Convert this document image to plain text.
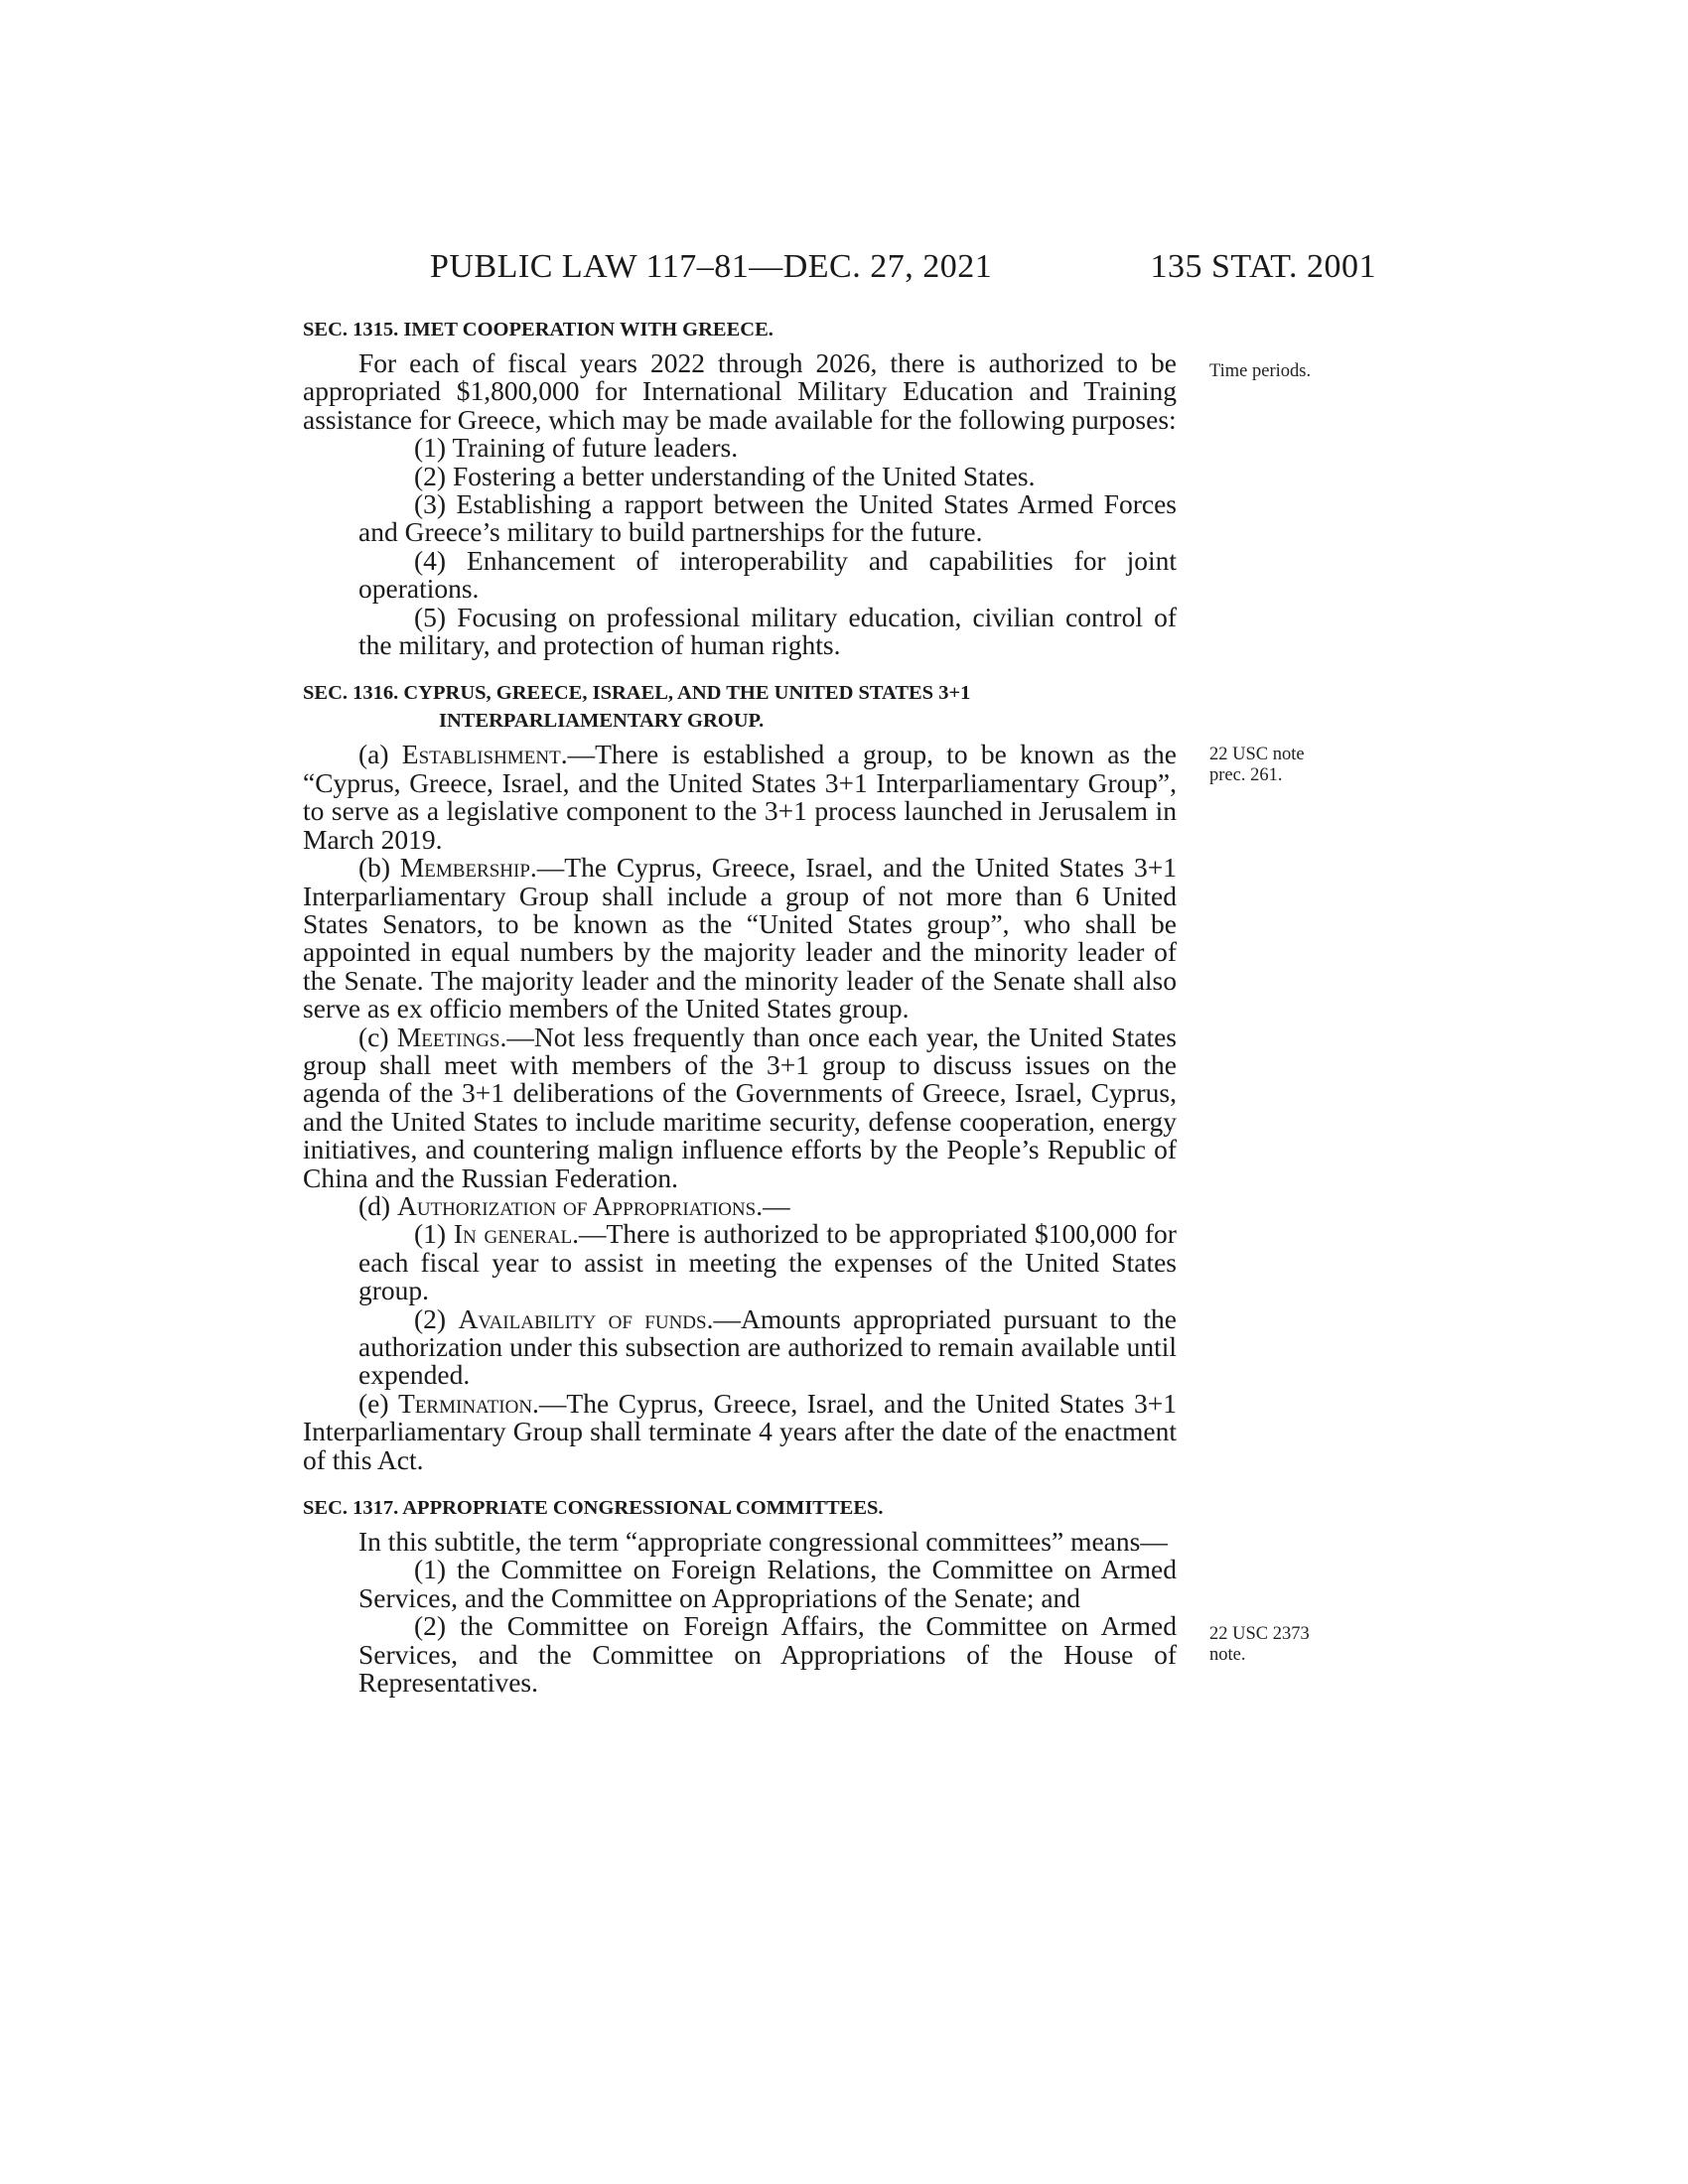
PUBLIC LAW 117–81—DEC. 27, 2021	135 STAT. 2001
SEC. 1315. IMET COOPERATION WITH GREECE.

For each of fiscal years 2022 through 2026, there is authorized to be appropriated $1,800,000 for International Military Education and Training assistance for Greece, which may be made available for the following purposes:

(1) Training of future leaders.

(2) Fostering a better understanding of the United States.

(3) Establishing a rapport between the United States Armed Forces and Greece’s military to build partnerships for the future.

(4) Enhancement of interoperability and capabilities for joint operations.

(5) Focusing on professional military education, civilian control of the military, and protection of human rights.

SEC. 1316. CYPRUS, GREECE, ISRAEL, AND THE UNITED STATES 3+1 INTERPARLIAMENTARY GROUP.

(a) Establishment.—There is established a group, to be known as the “Cyprus, Greece, Israel, and the United States 3+1 Interparliamentary Group”, to serve as a legislative component to the 3+1 process launched in Jerusalem in March 2019.

(b) Membership.—The Cyprus, Greece, Israel, and the United States 3+1 Interparliamentary Group shall include a group of not more than 6 United States Senators, to be known as the “United States group”, who shall be appointed in equal numbers by the majority leader and the minority leader of the Senate. The majority leader and the minority leader of the Senate shall also serve as ex officio members of the United States group.

(c) Meetings.—Not less frequently than once each year, the United States group shall meet with members of the 3+1 group to discuss issues on the agenda of the 3+1 deliberations of the Governments of Greece, Israel, Cyprus, and the United States to include maritime security, defense cooperation, energy initiatives, and countering malign influence efforts by the People’s Republic of China and the Russian Federation.

(d) Authorization of Appropriations.—

(1) In general.—There is authorized to be appropriated $100,000 for each fiscal year to assist in meeting the expenses of the United States group.

(2) Availability of funds.—Amounts appropriated pursuant to the authorization under this subsection are authorized to remain available until expended.

(e) Termination.—The Cyprus, Greece, Israel, and the United States 3+1 Interparliamentary Group shall terminate 4 years after the date of the enactment of this Act.

SEC. 1317. APPROPRIATE CONGRESSIONAL COMMITTEES.

In this subtitle, the term “appropriate congressional committees” means—

(1) the Committee on Foreign Relations, the Committee on Armed Services, and the Committee on Appropriations of the Senate; and

(2) the Committee on Foreign Affairs, the Committee on Armed Services, and the Committee on Appropriations of the House of Representatives.

Time periods.
22 USC note
prec. 261.
22 USC 2373
note.
